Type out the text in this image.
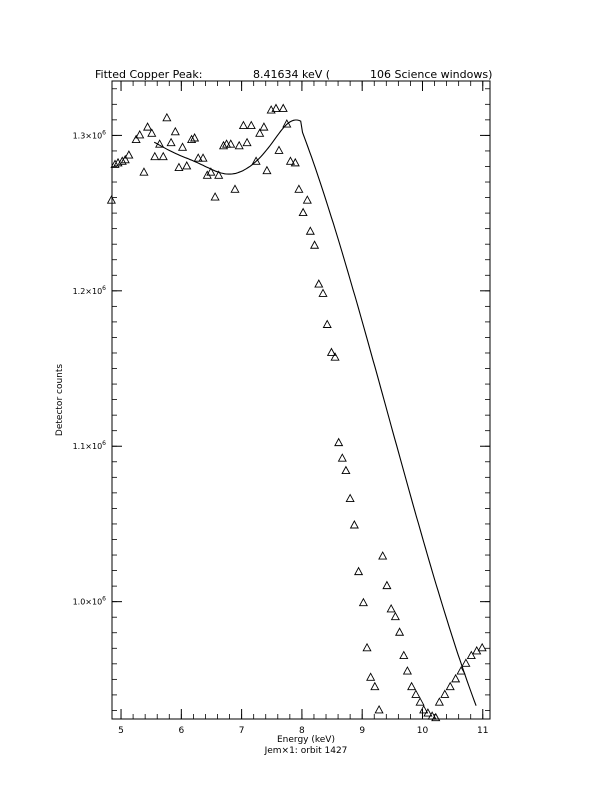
Fitted Copper Peak:	8.41634 keV (	106 Science windows)
5	6	7	8	9	10	11
$1.0\times 10^6$
$1.1\times 10^6$
$1.2\times 10^6$
$1.3\times 10^6$
Energy (keV)
Jem×1: orbit 1427
Detector counts
